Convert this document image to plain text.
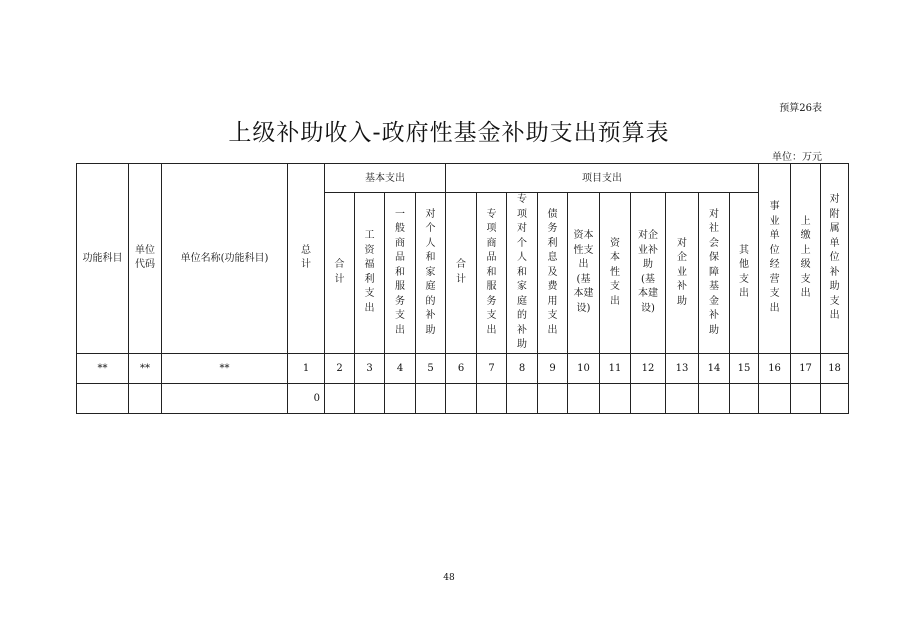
预算26表
上级补助收入-政府性基金补助支出预算表
单位：万元
功能科目	单位代码	单位名称(功能科目)	总计	基本支出				项目支出										事业单位经营支出	上缴上级支出	对附属单位补助支出
				合计	工资福利支出	一般商品和服务支出	对个人和家庭的补助	合计	专项商品和服务支出	专项对个人和家庭的补助	债务利息及费用支出	资本性支出(基本建设)	资本性支出	对企业补助(基本建设)	对企业补助	对社会保障基金补助	其他支出			
**	**	**	1	2	3	4	5	6	7	8	9	10	11	12	13	14	15	16	17	18
			0																	
48
